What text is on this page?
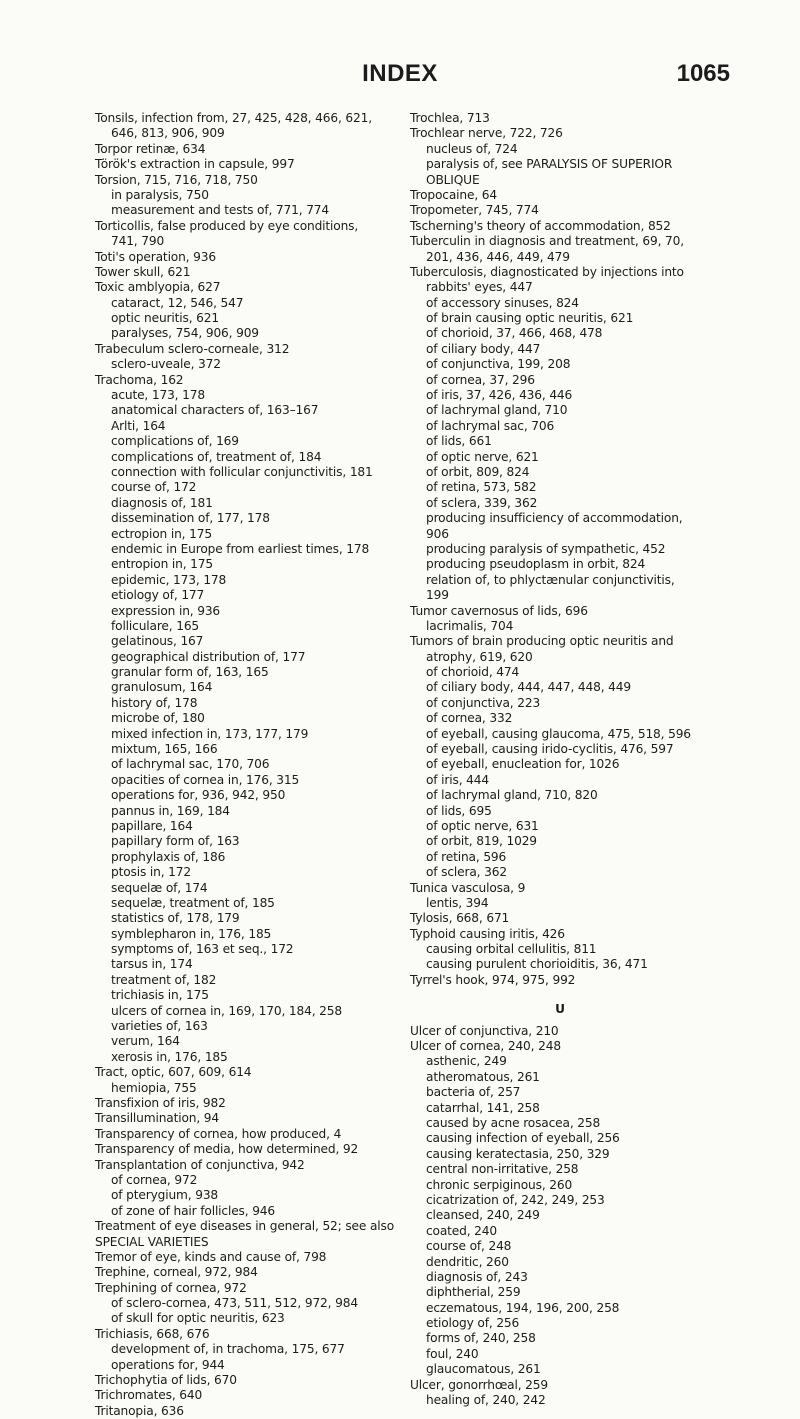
INDEX	1065
Tonsils, infection from, 27, 425, 428, 466, 621,
646, 813, 906, 909
Torpor retinæ, 634
Török's extraction in capsule, 997
Torsion, 715, 716, 718, 750
in paralysis, 750
measurement and tests of, 771, 774
Torticollis, false produced by eye conditions,
741, 790
Toti's operation, 936
Tower skull, 621
Toxic amblyopia, 627
cataract, 12, 546, 547
optic neuritis, 621
paralyses, 754, 906, 909
Trabeculum sclero-corneale, 312
sclero-uveale, 372
Trachoma, 162
acute, 173, 178
anatomical characters of, 163–167
Arlti, 164
complications of, 169
complications of, treatment of, 184
connection with follicular conjunctivitis, 181
course of, 172
diagnosis of, 181
dissemination of, 177, 178
ectropion in, 175
endemic in Europe from earliest times, 178
entropion in, 175
epidemic, 173, 178
etiology of, 177
expression in, 936
folliculare, 165
gelatinous, 167
geographical distribution of, 177
granular form of, 163, 165
granulosum, 164
history of, 178
microbe of, 180
mixed infection in, 173, 177, 179
mixtum, 165, 166
of lachrymal sac, 170, 706
opacities of cornea in, 176, 315
operations for, 936, 942, 950
pannus in, 169, 184
papillare, 164
papillary form of, 163
prophylaxis of, 186
ptosis in, 172
sequelæ of, 174
sequelæ, treatment of, 185
statistics of, 178, 179
symblepharon in, 176, 185
symptoms of, 163 et seq., 172
tarsus in, 174
treatment of, 182
trichiasis in, 175
ulcers of cornea in, 169, 170, 184, 258
varieties of, 163
verum, 164
xerosis in, 176, 185
Tract, optic, 607, 609, 614
hemiopia, 755
Transfixion of iris, 982
Transillumination, 94
Transparency of cornea, how produced, 4
Transparency of media, how determined, 92
Transplantation of conjunctiva, 942
of cornea, 972
of pterygium, 938
of zone of hair follicles, 946
Treatment of eye diseases in general, 52; see also
SPECIAL VARIETIES
Tremor of eye, kinds and cause of, 798
Trephine, corneal, 972, 984
Trephining of cornea, 972
of sclero-cornea, 473, 511, 512, 972, 984
of skull for optic neuritis, 623
Trichiasis, 668, 676
development of, in trachoma, 175, 677
operations for, 944
Trichophytia of lids, 670
Trichromates, 640
Tritanopia, 636
Trochlea, 713
Trochlear nerve, 722, 726
nucleus of, 724
paralysis of, see PARALYSIS OF SUPERIOR
OBLIQUE
Tropocaine, 64
Tropometer, 745, 774
Tscherning's theory of accommodation, 852
Tuberculin in diagnosis and treatment, 69, 70,
201, 436, 446, 449, 479
Tuberculosis, diagnosticated by injections into
rabbits' eyes, 447
of accessory sinuses, 824
of brain causing optic neuritis, 621
of chorioid, 37, 466, 468, 478
of ciliary body, 447
of conjunctiva, 199, 208
of cornea, 37, 296
of iris, 37, 426, 436, 446
of lachrymal gland, 710
of lachrymal sac, 706
of lids, 661
of optic nerve, 621
of orbit, 809, 824
of retina, 573, 582
of sclera, 339, 362
producing insufficiency of accommodation,
906
producing paralysis of sympathetic, 452
producing pseudoplasm in orbit, 824
relation of, to phlyctænular conjunctivitis,
199
Tumor cavernosus of lids, 696
lacrimalis, 704
Tumors of brain producing optic neuritis and
atrophy, 619, 620
of chorioid, 474
of ciliary body, 444, 447, 448, 449
of conjunctiva, 223
of cornea, 332
of eyeball, causing glaucoma, 475, 518, 596
of eyeball, causing irido-cyclitis, 476, 597
of eyeball, enucleation for, 1026
of iris, 444
of lachrymal gland, 710, 820
of lids, 695
of optic nerve, 631
of orbit, 819, 1029
of retina, 596
of sclera, 362
Tunica vasculosa, 9
lentis, 394
Tylosis, 668, 671
Typhoid causing iritis, 426
causing orbital cellulitis, 811
causing purulent chorioiditis, 36, 471
Tyrrel's hook, 974, 975, 992
U
Ulcer of conjunctiva, 210
Ulcer of cornea, 240, 248
asthenic, 249
atheromatous, 261
bacteria of, 257
catarrhal, 141, 258
caused by acne rosacea, 258
causing infection of eyeball, 256
causing keratectasia, 250, 329
central non-irritative, 258
chronic serpiginous, 260
cicatrization of, 242, 249, 253
cleansed, 240, 249
coated, 240
course of, 248
dendritic, 260
diagnosis of, 243
diphtherial, 259
eczematous, 194, 196, 200, 258
etiology of, 256
forms of, 240, 258
foul, 240
glaucomatous, 261
Ulcer, gonorrhœal, 259
healing of, 240, 242
